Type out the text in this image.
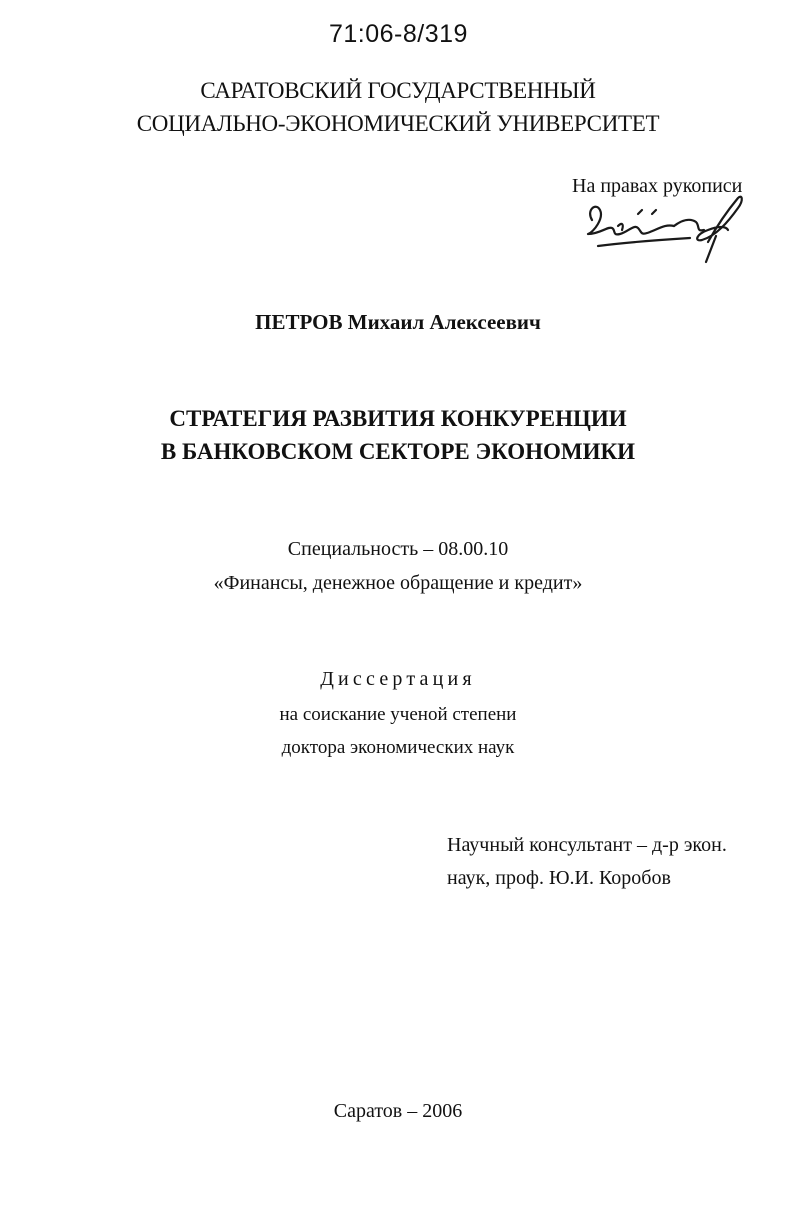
71:06-8/319
САРАТОВСКИЙ ГОСУДАРСТВЕННЫЙ
СОЦИАЛЬНО-ЭКОНОМИЧЕСКИЙ УНИВЕРСИТЕТ
На правах рукописи
ПЕТРОВ Михаил Алексеевич
СТРАТЕГИЯ РАЗВИТИЯ КОНКУРЕНЦИИ
В БАНКОВСКОМ СЕКТОРЕ ЭКОНОМИКИ
Специальность – 08.00.10
«Финансы, денежное обращение и кредит»
Диссертация
на соискание ученой степени
доктора экономических наук
Научный консультант – д-р экон.
наук, проф. Ю.И. Коробов
Саратов – 2006
